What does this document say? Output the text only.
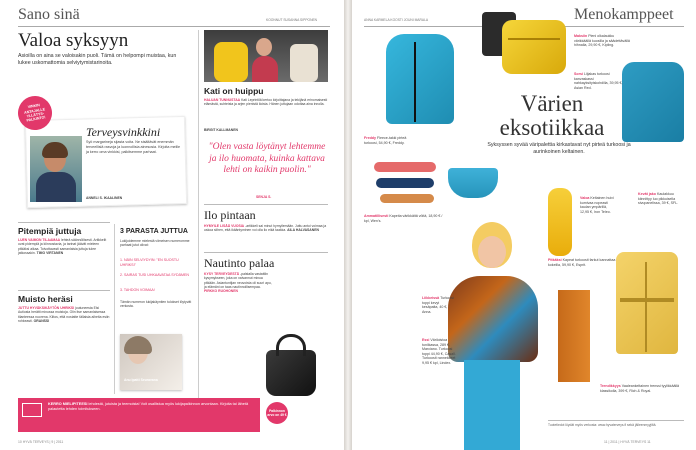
Sano sinä	KOONNUT SUSANNA SIPPONEN
Valoa syksyyn
Asioilla on aina se valoisakin puoli. Tämä on helpompi muistaa, kun lukee uskomattomia selviytymistarinoita.
VINKIN ANTAJALLE YLLÄTYS-PALKINTO!
Terveysvinkkini
Syö margarineja sijasta voita. Ne sisältävät enemmän terveellisiä rasvoja ja luonnollisia ainesosia. Kirjoita meille ja kerro oma vinkkisi, palkitsemme parhaat.
ANNELI S. IKAALINEN
Pitempiä juttuja
LUEN VAIMON TILAAMAA lehteä säännöllisesti. Artikkelit ovat pidempiä ja kiinnostavia, ja tarinat jäävät mieleen pitkäksi aikaa. Toivottavasti samanlaisia juttuja tulee jatkossakin. TIMO VIRTANEN
Muisto heräsi
JUTTU HYVÄKSIKÄYTÖN UHRIKSI joutuneesta Elsi Autiosta herätti minussa muistoja. Olin itse samanlaisessa tilanteessa nuorena. Kiitos, että nostatte tällaisia aiheita esiin rohkeasti. ORANSSI
3 PARASTA JUTTUA
Lukijoidemme mielestä viimeisen numeromme parhaat jutut olivat:
1. NÄIN SELVIYDYIN: "EN SUOSTU UHRIKSI"
2. SAIRAS TUSI UHKAAVATAA SYDÄMEN
3. TAHDON VOIMAA!
Tämän numeron lukijakäyntien tulokset löytyvät verkosta.
Anu Ipatti Seuravana
Kati on huippu
HALUAN TUNNUSTAA Kati Leprintilä kertoo kirjoittajana ja tekijänä erinomaisesti elämästä, suhteista ja arjen pienistä iloista. Hänen juttujaan odottaa aina innolla.
BIRGIT KALLMANEN
"Olen vasta löytänyt lehtemme ja ilo huomata, kuinka kattava lehti on kaikin puolin."
SENJA S.
Ilo pintaan
HYMYILE LISÄÄ VUOSIA -artikkeli sai minut hymyilemään. Juttu antoi voimaa ja uskoa siihen, että ikääntyminen voi olla ilo eikä taakka. AILA HALVASANEN
Nautinto palaa
KYSY TERVEYDESTÄ -palstalla vastattiin kysymykseen, joka on vaivannut minua pitkään. Asiantuntijan neuvoista oli suuri apu, ja elämäni on taas nautinnollisempaa. PIRKKO RUOHONEN
Palkinnon arvo on 49 €
KERRO MIELIPITEESI lehdestä, jutuista ja teemoista! Voit osallistua myös lukijapalkinnon arvontaan. Kirjoita tai lähetä palautetta lehden toimitukseen.
10 HYVÄ TERVEYS | 9 | 2011
ANNA KARMELA KOOSTI JOUNI MARALA	Menokamppeet
Freddy Fleece-takki pirteä turkoosi, 54,90 €, Freddy.
Maksiin Pieni olkalaukku värikkäällä kuosilla ja säädettävällä hihnalla, 29,90 €, Kipling.
Sorsi Liijakas turkoosi kanvaskassi nahkayksityiskohdilla, 39,95 €, Asian Red.
Värien eksotiikkaa
Syksyssen syvää väripalettia kirkastavat nyt pirteä turkoosi ja aurinkoinen keltainen.
Kevät jako Kaulakkuu kiinnittyy luo pikkuisella sivupanelissa, 39 €, SFL.
Ammatillisesti Kapeita värikkäitä vöitä, 18,90 € / kpl, Wen's.
Liikkeissä Turkoosi toppi kevyt kesäpaita, 40 €, Anna.
Essi Väriloistoa tuniikassa, 289 €, Marciano. Turkoosi toppi 44,90 €, Casall. Turkoosit rannekkeet 9,95 € kpl, Lindex.
Valoa Keltainen huivi kumivaa nopeasti kaulan ympärillä, 12,95 €, Iron Teleo.
Pitkäksi Kapeat turkoosit farkut kannattaa kokeilla, 59,90 €, Esprit.
Trendikkyys Vaaleankeltainen trenssi tyylikkäällä klassikolla, 399 €, Rich & Royal.
Tuotetiedot löydät myös verkosta: www.hyvaterveys.fi sekä jälleenmyyjiltä.
11 | 2011 | HYVÄ TERVEYS 11
